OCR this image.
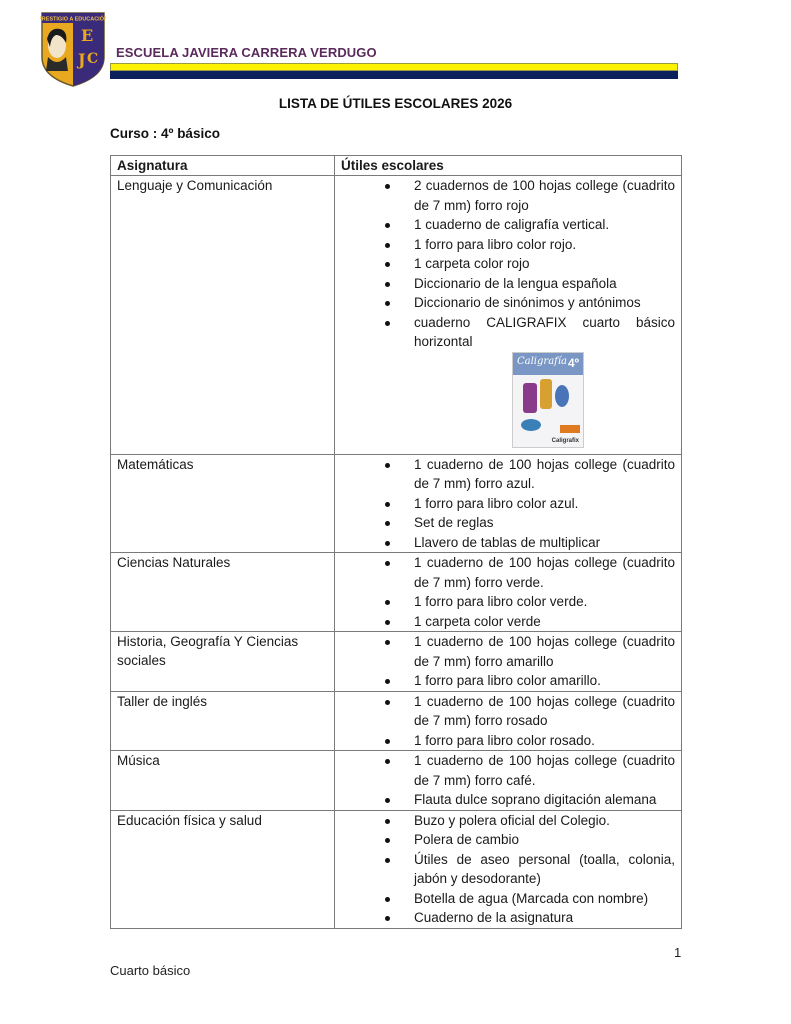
PRESTIGIO A EDUCACIÓN
E
J C ESCUELA JAVIERA CARRERA VERDUGO
LISTA DE ÚTILES ESCOLARES 2026
Curso : 4º básico
Asignatura	Útiles escolares
Lenguaje y Comunicación	2 cuadernos de 100 hojas college (cuadrito de 7 mm) forro rojo
1 cuaderno de caligrafía vertical.
1 forro para libro color rojo.
1 carpeta color rojo
Diccionario de la lengua española
Diccionario de sinónimos y antónimos
cuaderno CALIGRAFIX cuarto básico horizontal
Caligrafía 4º
Caligrafix

Matemáticas	1 cuaderno de 100 hojas college (cuadrito de 7 mm) forro azul.
1 forro para libro color azul.
Set de reglas
Llavero de tablas de multiplicar

Ciencias Naturales	1 cuaderno de 100 hojas college (cuadrito de 7 mm) forro verde.
1 forro para libro color verde.
1 carpeta color verde

Historia, Geografía Y Ciencias sociales	
1 cuaderno de 100 hojas college (cuadrito de 7 mm) forro amarillo
1 forro para libro color amarillo.

Taller de inglés	1 cuaderno de 100 hojas college (cuadrito de 7 mm) forro rosado
1 forro para libro color rosado.

Música	1 cuaderno de 100 hojas college (cuadrito de 7 mm) forro café.
Flauta dulce soprano digitación alemana

Educación física y salud	Buzo y polera oficial del Colegio.
Polera de cambio
Útiles de aseo personal (toalla, colonia, jabón y desodorante)
Botella de agua (Marcada con nombre)
Cuaderno de la asignatura
1
Cuarto básico
